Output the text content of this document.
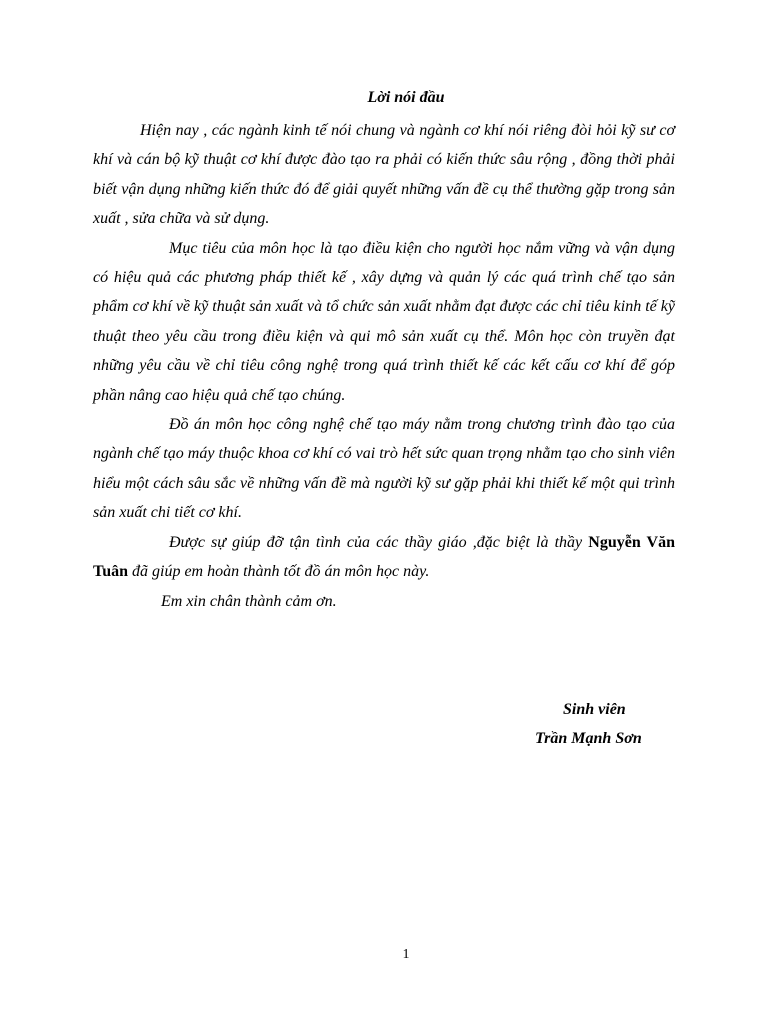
Lời nói đầu

Hiện nay , các ngành kinh tế nói chung và ngành cơ khí nói riêng đòi hỏi kỹ sư cơ khí và cán bộ kỹ thuật cơ khí được đào tạo ra phải có kiến thức sâu rộng , đồng thời phải biết vận dụng những kiến thức đó để giải quyết những vấn đề cụ thể thường gặp trong sản xuất , sửa chữa và sử dụng.

Mục tiêu của môn học là tạo điều kiện cho người học nắm vững và vận dụng có hiệu quả các phương pháp thiết kế , xây dựng và quản lý các quá trình chế tạo sản phẩm cơ khí về kỹ thuật sản xuất và tổ chức sản xuất nhằm đạt được các chỉ tiêu kinh tế kỹ thuật theo yêu cầu trong điều kiện và qui mô sản xuất cụ thể. Môn học còn truyền đạt những yêu cầu về chỉ tiêu công nghệ trong quá trình thiết kế các kết cấu cơ khí để góp phần nâng cao hiệu quả chế tạo chúng.

Đồ án môn học công nghệ chế tạo máy nằm trong chương trình đào tạo của ngành chế tạo máy thuộc khoa cơ khí có vai trò hết sức quan trọng nhằm tạo cho sinh viên hiểu một cách sâu sắc về những vấn đề mà người kỹ sư gặp phải khi thiết kế một qui trình sản xuất chi tiết cơ khí.

Được sự giúp đỡ tận tình của các thầy giáo ,đặc biệt là thầy Nguyễn Văn Tuân đã giúp em hoàn thành tốt đồ án môn học này.

Em xin chân thành cảm ơn.

Sinh viên
Trần Mạnh Sơn
1
